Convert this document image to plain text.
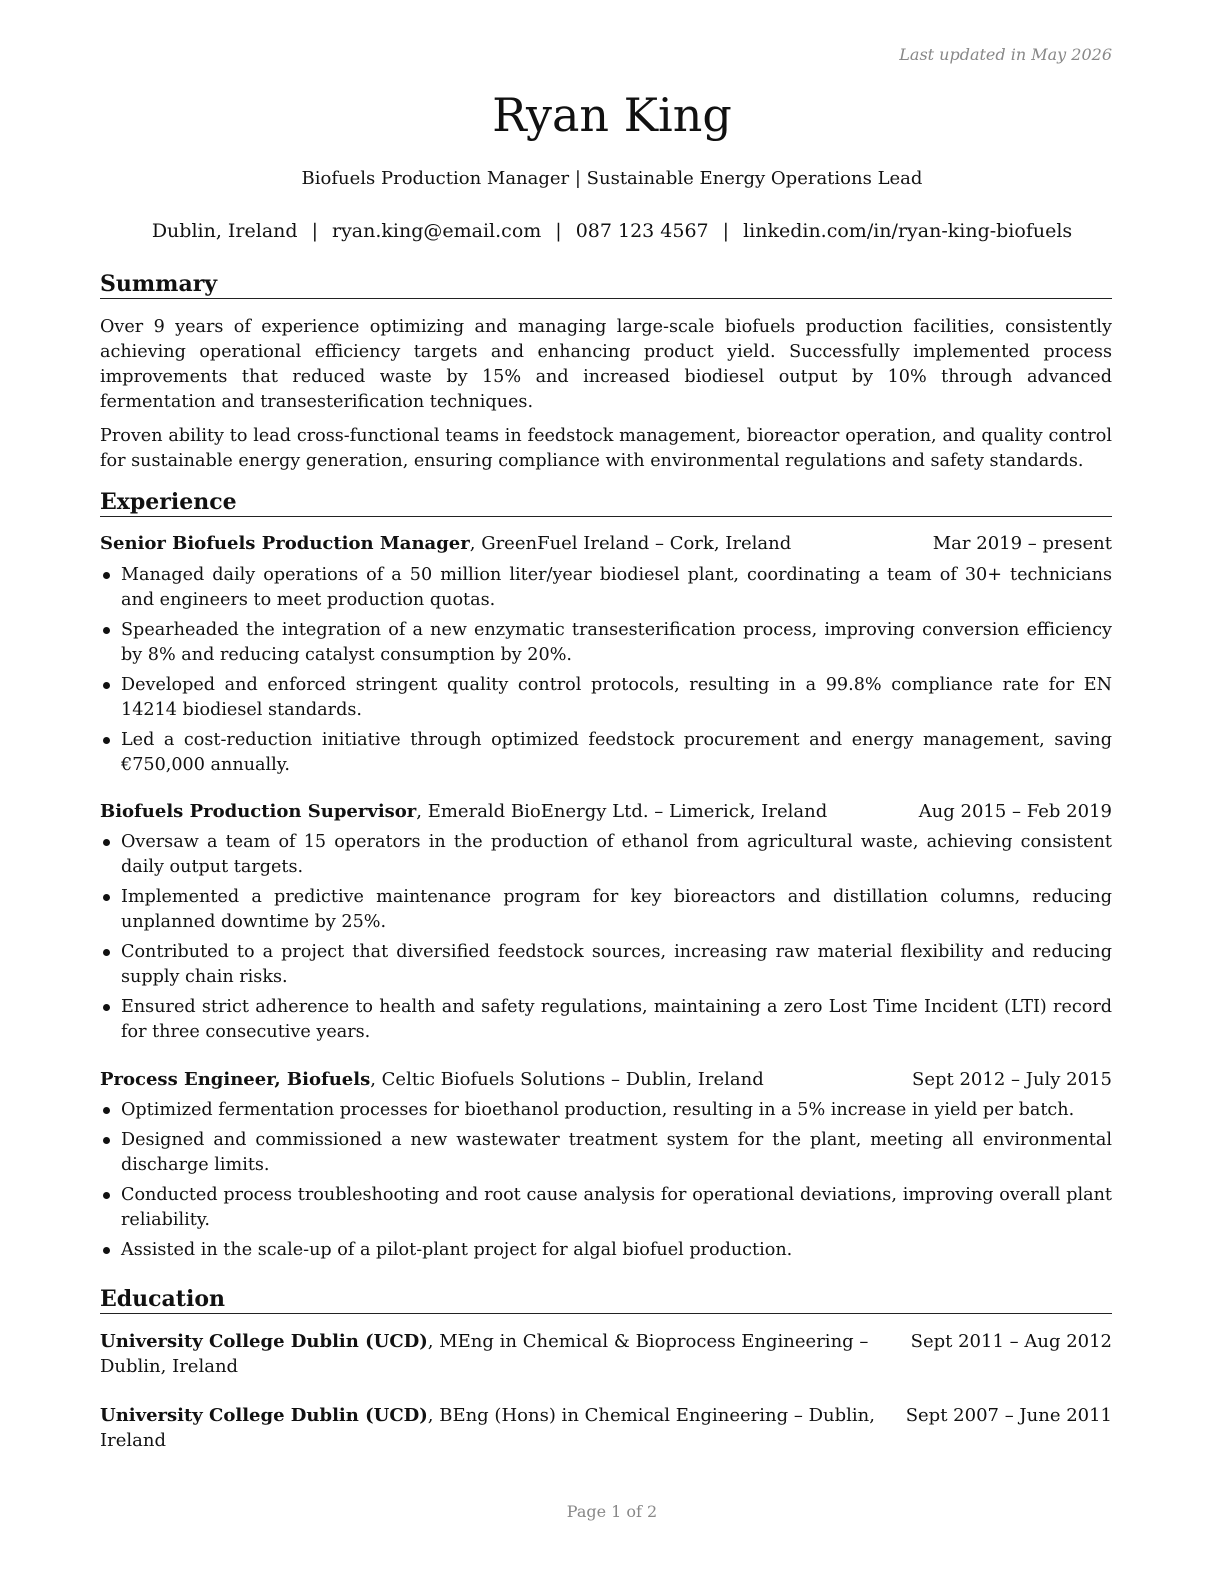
Last updated in May 2026
Ryan King
Biofuels Production Manager | Sustainable Energy Operations Lead
Dublin, Ireland | ryan.king@email.com | 087 123 4567 | linkedin.com/in/ryan-king-biofuels
Summary
Over 9 years of experience optimizing and managing large-scale biofuels production facilities, consistently achieving operational efficiency targets and enhancing product yield. Successfully implemented process improvements that reduced waste by 15% and increased biodiesel output by 10% through advanced fermentation and transesterification techniques.
Proven ability to lead cross-functional teams in feedstock management, bioreactor operation, and quality control for sustainable energy generation, ensuring compliance with environmental regulations and safety standards.
Experience
Senior Biofuels Production Manager, GreenFuel Ireland – Cork, Ireland	Mar 2019 – present
Managed daily operations of a 50 million liter/year biodiesel plant, coordinating a team of 30+ technicians and engineers to meet production quotas.
Spearheaded the integration of a new enzymatic transesterification process, improving conversion efficiency by 8% and reducing catalyst consumption by 20%.
Developed and enforced stringent quality control protocols, resulting in a 99.8% compliance rate for EN 14214 biodiesel standards.
Led a cost-reduction initiative through optimized feedstock procurement and energy management, saving €750,000 annually.
Biofuels Production Supervisor, Emerald BioEnergy Ltd. – Limerick, Ireland	Aug 2015 – Feb 2019
Oversaw a team of 15 operators in the production of ethanol from agricultural waste, achieving consistent daily output targets.
Implemented a predictive maintenance program for key bioreactors and distillation columns, reducing unplanned downtime by 25%.
Contributed to a project that diversified feedstock sources, increasing raw material flexibility and reducing supply chain risks.
Ensured strict adherence to health and safety regulations, maintaining a zero Lost Time Incident (LTI) record for three consecutive years.
Process Engineer, Biofuels, Celtic Biofuels Solutions – Dublin, Ireland	Sept 2012 – July 2015
Optimized fermentation processes for bioethanol production, resulting in a 5% increase in yield per batch.
Designed and commissioned a new wastewater treatment system for the plant, meeting all environmental discharge limits.
Conducted process troubleshooting and root cause analysis for operational deviations, improving overall plant reliability.
Assisted in the scale-up of a pilot-plant project for algal biofuel production.
Education
University College Dublin (UCD), MEng in Chemical & Bioprocess Engineering – Dublin, Ireland
Sept 2011 – Aug 2012
University College Dublin (UCD), BEng (Hons) in Chemical Engineering – Dublin, Ireland
Sept 2007 – June 2011
Page 1 of 2
